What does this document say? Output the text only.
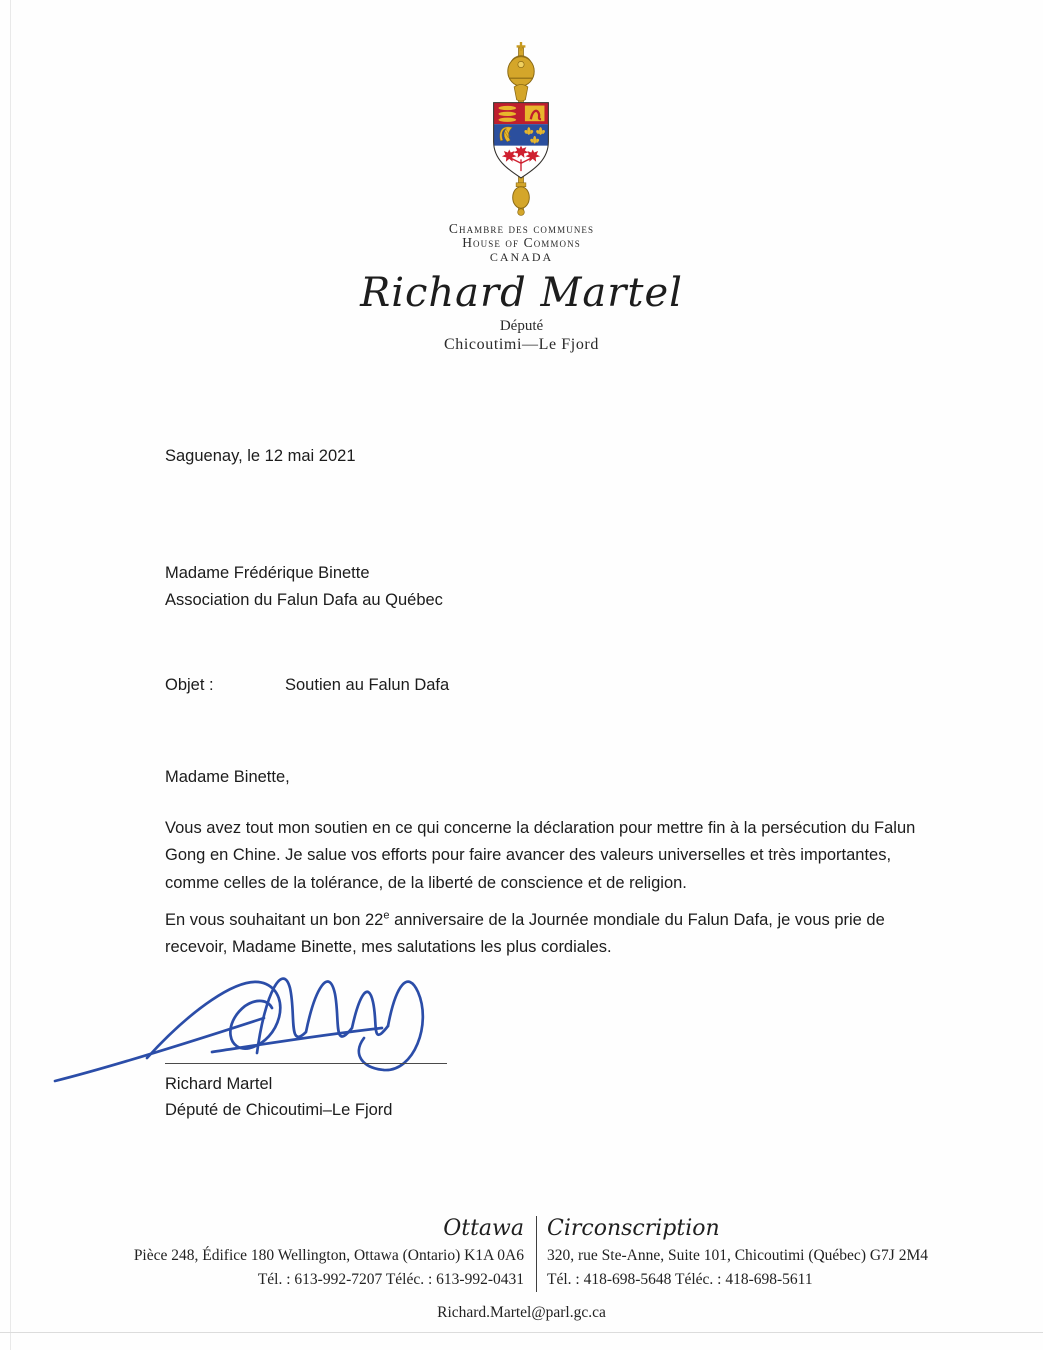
Chambre des communes
House of Commons
CANADA
Richard Martel
Député
Chicoutimi—Le Fjord
Saguenay, le 12 mai 2021
Madame Frédérique Binette
Association du Falun Dafa au Québec
Objet :	Soutien au Falun Dafa
Madame Binette,
Vous avez tout mon soutien en ce qui concerne la déclaration pour mettre fin à la persécution du Falun Gong en Chine. Je salue vos efforts pour faire avancer des valeurs universelles et très importantes, comme celles de la tolérance, de la liberté de conscience et de religion.
En vous souhaitant un bon 22e anniversaire de la Journée mondiale du Falun Dafa, je vous prie de recevoir, Madame Binette, mes salutations les plus cordiales.
Richard Martel
Député de Chicoutimi–Le Fjord
Ottawa
Pièce 248, Édifice 180 Wellington, Ottawa (Ontario) K1A 0A6
Tél. : 613-992-7207 Téléc. : 613-992-0431
Circonscription
320, rue Ste-Anne, Suite 101, Chicoutimi (Québec) G7J 2M4
Tél. : 418-698-5648 Téléc. : 418-698-5611
Richard.Martel@parl.gc.ca
